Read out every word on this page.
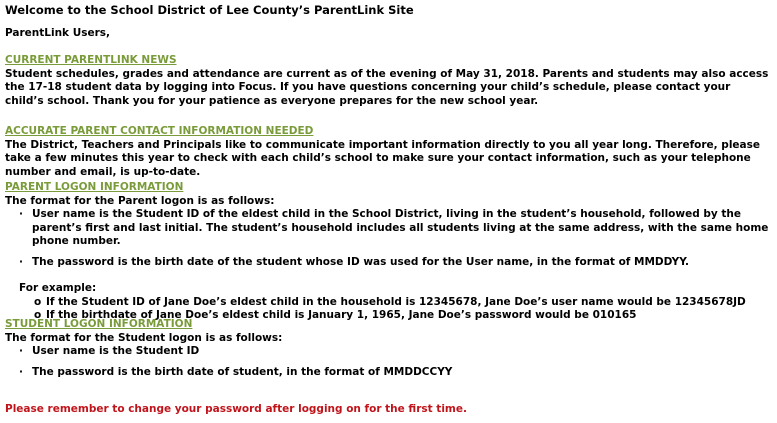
Welcome to the School District of Lee County’s ParentLink Site

ParentLink Users,

CURRENT PARENTLINK NEWS

Student schedules, grades and attendance are current as of the evening of May 31, 2018. Parents and students may also access the 17-18 student data by logging into Focus. If you have questions concerning your child’s schedule, please contact your child’s school. Thank you for your patience as everyone prepares for the new school year.

ACCURATE PARENT CONTACT INFORMATION NEEDED

The District, Teachers and Principals like to communicate important information directly to you all year long. Therefore, please take a few minutes this year to check with each child’s school to make sure your contact information, such as your telephone number and email, is up-to-date.

PARENT LOGON INFORMATION

The format for the Parent logon is as follows:

· User name is the Student ID of the eldest child in the School District, living in the student’s household, followed by the parent’s first and last initial. The student’s household includes all students living at the same address, with the same home phone number.
· The password is the birth date of the student whose ID was used for the User name, in the format of MMDDYY.

For example:

o If the Student ID of Jane Doe’s eldest child in the household is 12345678, Jane Doe’s user name would be 12345678JD
o If the birthdate of Jane Doe’s eldest child is January 1, 1965, Jane Doe’s password would be 010165
STUDENT LOGON INFORMATION

The format for the Student logon is as follows:

· User name is the Student ID
· The password is the birth date of student, in the format of MMDDCCYY

Please remember to change your password after logging on for the first time.
